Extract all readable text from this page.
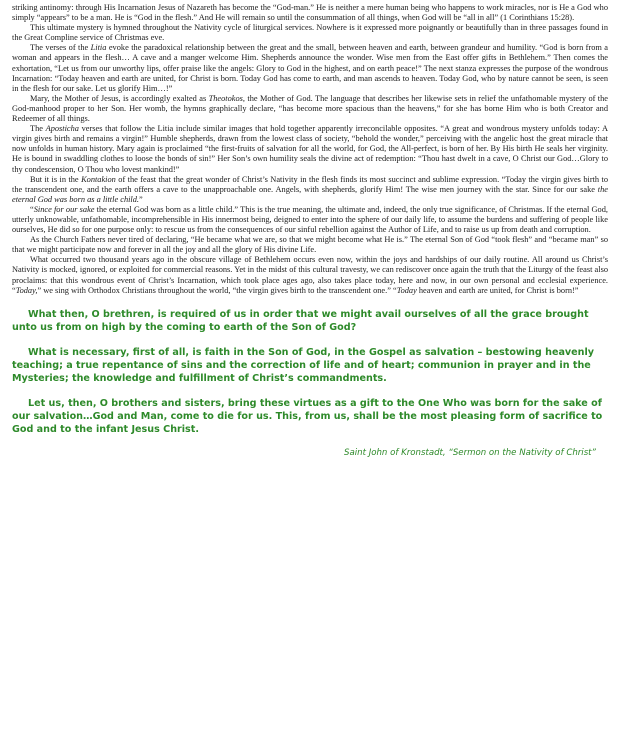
striking antinomy: through His Incarnation Jesus of Nazareth has become the “God-man.” He is neither a mere human being who happens to work miracles, nor is He a God who simply “appears” to be a man. He is “God in the flesh.” And He will remain so until the consummation of all things, when God will be “all in all” (1 Corinthians 15:28).

This ultimate mystery is hymned throughout the Nativity cycle of liturgical services. Nowhere is it expressed more poignantly or beautifully than in three passages found in the Great Compline service of Christmas eve.

The verses of the Litia evoke the paradoxical relationship between the great and the small, between heaven and earth, between grandeur and humility. “God is born from a woman and appears in the flesh… A cave and a manger welcome Him. Shepherds announce the wonder. Wise men from the East offer gifts in Bethlehem.” Then comes the exhortation, “Let us from our unworthy lips, offer praise like the angels: Glory to God in the highest, and on earth peace!” The next stanza expresses the purpose of the wondrous Incarnation: “Today heaven and earth are united, for Christ is born. Today God has come to earth, and man ascends to heaven. Today God, who by nature cannot be seen, is seen in the flesh for our sake. Let us glorify Him…!”

Mary, the Mother of Jesus, is accordingly exalted as Theotokos, the Mother of God. The language that describes her likewise sets in relief the unfathomable mystery of the God-manhood proper to her Son. Her womb, the hymns graphically declare, “has become more spacious than the heavens,” for she has borne Him who is both Creator and Redeemer of all things.

The Aposticha verses that follow the Litia include similar images that hold together apparently irreconcilable opposites. “A great and wondrous mystery unfolds today: A virgin gives birth and remains a virgin!” Humble shepherds, drawn from the lowest class of society, “behold the wonder,” perceiving with the angelic host the great miracle that now unfolds in human history. Mary again is proclaimed “the first-fruits of salvation for all the world, for God, the All-perfect, is born of her. By His birth He seals her virginity. He is bound in swaddling clothes to loose the bonds of sin!” Her Son’s own humility seals the divine act of redemption: “Thou hast dwelt in a cave, O Christ our God…Glory to thy condescension, O Thou who lovest mankind!”

But it is in the Kontakion of the feast that the great wonder of Christ’s Nativity in the flesh finds its most succinct and sublime expression. “Today the virgin gives birth to the transcendent one, and the earth offers a cave to the unapproachable one. Angels, with shepherds, glorify Him! The wise men journey with the star. Since for our sake the eternal God was born as a little child.”

“Since for our sake the eternal God was born as a little child.” This is the true meaning, the ultimate and, indeed, the only true significance, of Christmas. If the eternal God, utterly unknowable, unfathomable, incomprehensible in His innermost being, deigned to enter into the sphere of our daily life, to assume the burdens and suffering of people like ourselves, He did so for one purpose only: to rescue us from the consequences of our sinful rebellion against the Author of Life, and to raise us up from death and corruption.

As the Church Fathers never tired of declaring, “He became what we are, so that we might become what He is.” The eternal Son of God “took flesh” and “became man” so that we might participate now and forever in all the joy and all the glory of His divine Life.

What occurred two thousand years ago in the obscure village of Bethlehem occurs even now, within the joys and hardships of our daily routine. All around us Christ’s Nativity is mocked, ignored, or exploited for commercial reasons. Yet in the midst of this cultural travesty, we can rediscover once again the truth that the Liturgy of the feast also proclaims: that this wondrous event of Christ’s Incarnation, which took place ages ago, also takes place today, here and now, in our own personal and ecclesial experience. “Today,” we sing with Orthodox Christians throughout the world, “the virgin gives birth to the transcendent one.” “Today heaven and earth are united, for Christ is born!”

What then, O brethren, is required of us in order that we might avail ourselves of all the grace brought unto us from on high by the coming to earth of the Son of God?

What is necessary, first of all, is faith in the Son of God, in the Gospel as salvation – bestowing heavenly teaching; a true repentance of sins and the correction of life and of heart; communion in prayer and in the Mysteries; the knowledge and fulfillment of Christ’s commandments.

Let us, then, O brothers and sisters, bring these virtues as a gift to the One Who was born for the sake of our salvation…God and Man, come to die for us. This, from us, shall be the most pleasing form of sacrifice to God and to the infant Jesus Christ.

Saint John of Kronstadt, “Sermon on the Nativity of Christ”
